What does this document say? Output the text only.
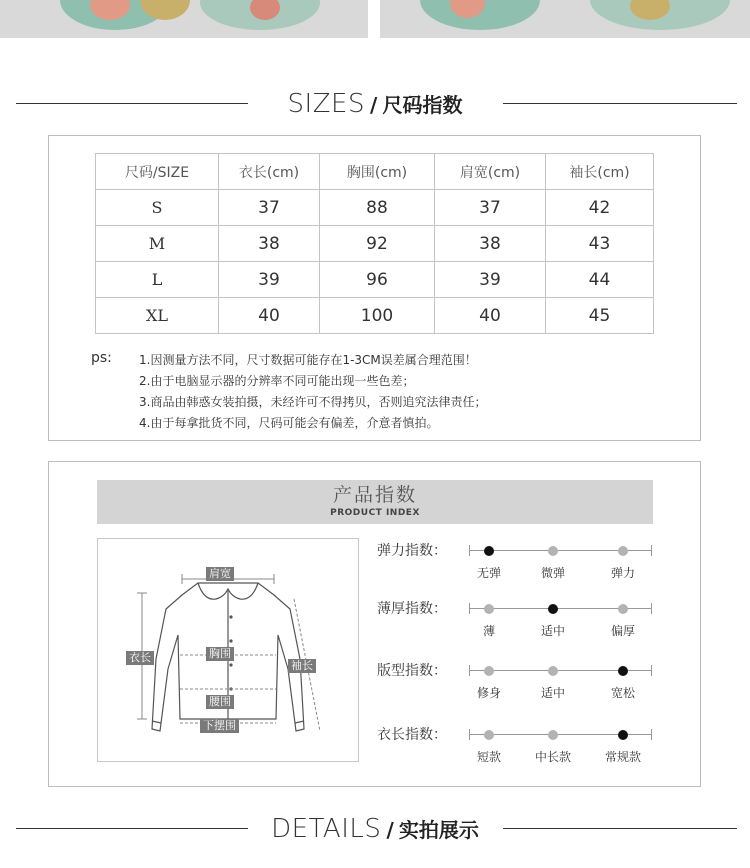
SIZES / 尺码指数
尺码/SIZE	衣长(cm)	胸围(cm)	肩宽(cm)	袖长(cm)
S	37	88	37	42
M	38	92	38	43
L	39	96	39	44
XL	40	100	40	45
ps: 1.因测量方法不同，尺寸数据可能存在1-3CM误差属合理范围！
2.由于电脑显示器的分辨率不同可能出现一些色差；
3.商品由韩惑女装拍摄，未经许可不得拷贝，否则追究法律责任；
4.由于每拿批货不同，尺码可能会有偏差，介意者慎拍。
产品指数
PRODUCT INDEX
肩宽
衣长	胸围
袖长
腰围
下摆围
弹力指数：
无弹	微弹	弹力
薄厚指数：
薄	适中	偏厚
版型指数：
修身	适中	宽松
衣长指数：
短款	中长款	常规款
DETAILS / 实拍展示
